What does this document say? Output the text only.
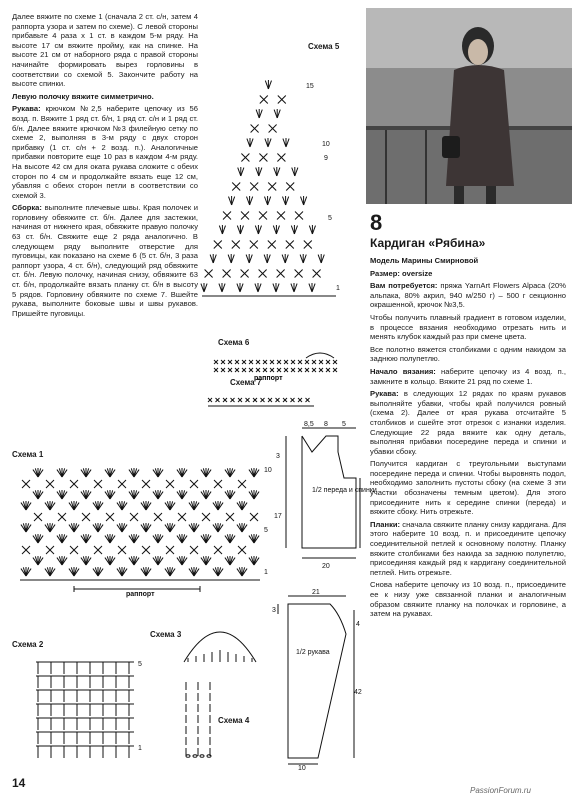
Далее вяжите по схеме 1 (сначала 2 ст. с/н, затем 4 раппорта узора и затем по схеме). С левой стороны прибавьте 4 раза х 1 ст. в каждом 5-м ряду. На высоте 17 см вяжите пройму, как на спинке. На высоте 21 см от наборного ряда с правой стороны начинайте формировать вырез горловины в соответствии со схемой 5. Закончите работу на высоте спинки.

Левую полочку вяжите симметрично.

Рукава: крючком №2,5 наберите цепочку из 56 возд. п. Вяжите 1 ряд ст. б/н, 1 ряд ст. с/н и 1 ряд ст. б/н. Далее вяжите крючком №3 филейную сетку по схеме 2, выполняя в 3-м ряду с двух сторон прибавку (1 ст. с/н + 2 возд. п.). Аналогичные прибавки повторите еще 10 раз в каждом 4-м ряду. На высоте 42 см для оката рукава сложите с обеих сторон по 4 см и продолжайте вязать еще 12 см, убавляя с обеих сторон петли в соответствии со схемой 3.

Сборка: выполните плечевые швы. Края полочек и горловину обвяжите ст. б/н. Далее для застежки, начиная от нижнего края, обвяжите правую полочку 63 ст. б/н. Свяжите еще 2 ряда аналогично. В следующем ряду выполните отверстие для пуговицы, как показано на схеме 6 (5 ст. б/н, 3 раза раппорт узора, 4 ст. б/н), следующий ряд обвяжите ст. б/н. Левую полочку, начиная снизу, обвяжите 63 ст. б/н, продолжайте вязать планку ст. б/н в высоту 5 рядов. Горловину обвяжите по схеме 7. Вшейте рукава, выполните боковые швы и швы рукавов. Пришейте пуговицы.

8
Кардиган «Рябина»

Модель Марины Смирновой

Размер: oversize

Вам потребуется: пряжа YarnArt Flowers Alpaca (20% альпака, 80% акрил, 940 м/250 г) – 500 г секционно окрашенной, крючок №3,5.

Чтобы получить плавный градиент в готовом изделии, в процессе вязания необходимо отрезать нить и менять клубок каждый раз при смене цвета.

Все полотно вяжется столбиками с одним накидом за заднюю полупетлю.

Начало вязания: наберите цепочку из 4 возд. п., замкните в кольцо. Вяжите 21 ряд по схеме 1.

Рукава: в следующих 12 рядах по краям рукавов выполняйте убавки, чтобы край получился ровный (схема 2). Далее от края рукава отсчитайте 5 столбиков и сшейте этот отрезок с изнанки изделия. Следующие 22 ряда вяжите как одну деталь, выполняя прибавки посередине переда и спинки и убавки сбоку.

Получится кардиган с треугольными выступами посередине переда и спинки. Чтобы выровнять подол, необходимо заполнить пустоты сбоку (на схеме 3 эти участки обозначены темным цветом). Для этого присоедините нить к середине спинки (переда) и вяжите сбоку. Нить отрежьте.

Планки: сначала свяжите планку снизу кардигана. Для этого наберите 10 возд. п. и присоедините цепочку соединительной петлей к основному полотну. Планку вяжите столбиками без накида за заднюю полупетлю, присоединяя каждый ряд к кардигану соединительной петлей. Нить отрежьте.

Снова наберите цепочку из 10 возд. п., присоедините ее к низу уже связанной планки и аналогичным образом свяжите планку на полочках и горловине, а затем на рукавах.

Схема 5
15
10
9
5
1
Схема 6
раппорт
Схема 7
8,5 8 5
3
17
20
1/2 переда и спинки
Схема 1
10
5
1
раппорт
Схема 3
Схема 2
5
1
Схема 4
21
3
4
42
10
1/2 рукава
14
PassionForum.ru
